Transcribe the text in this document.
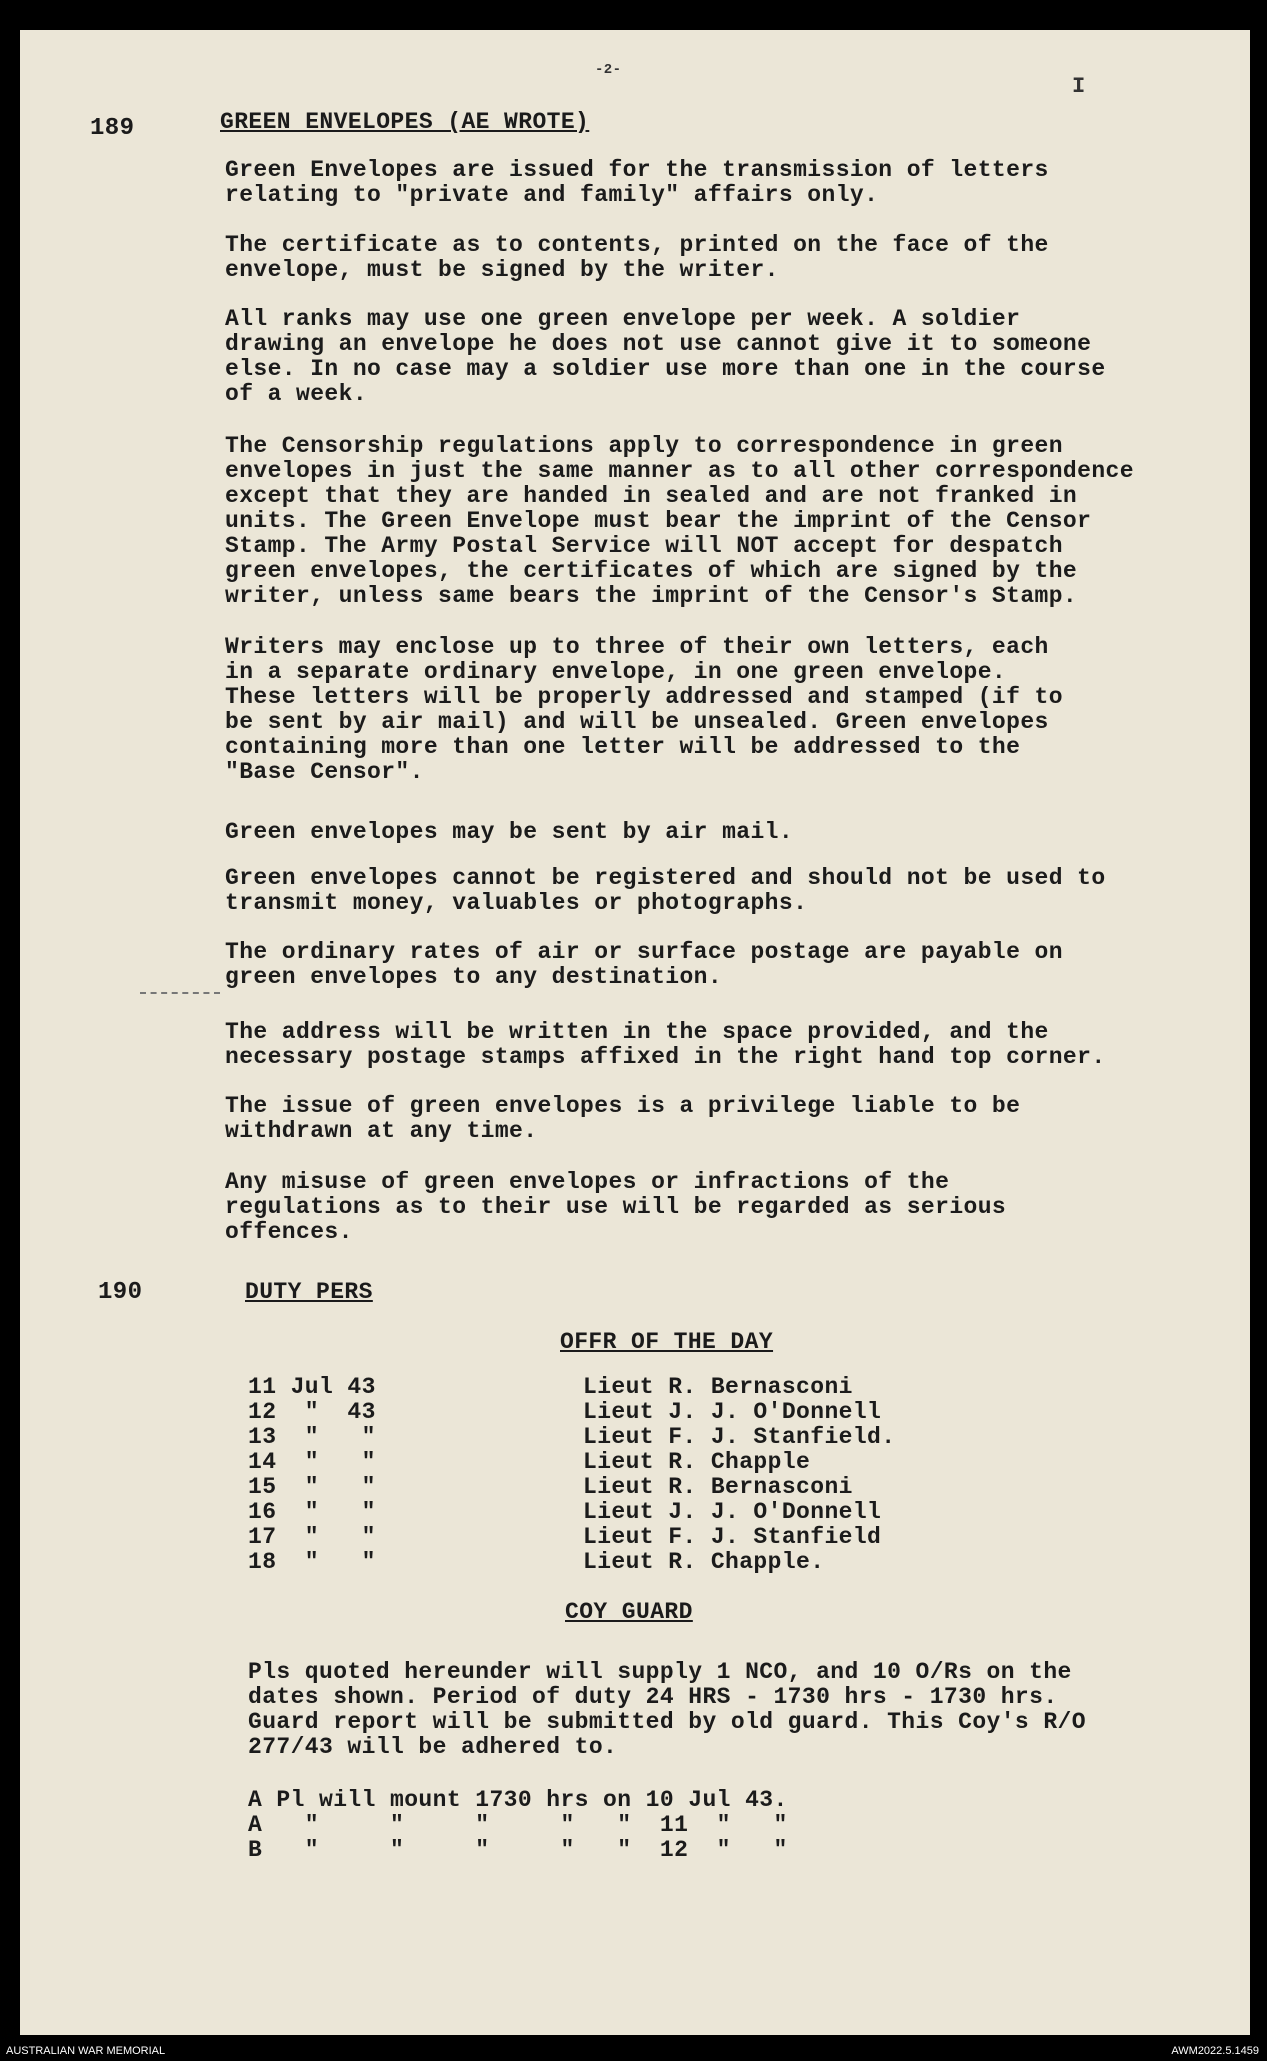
-2-
I
189	GREEN ENVELOPES (AE WROTE)

Green Envelopes are issued for the transmission of letters

relating to "private and family" affairs only.

The certificate as to contents, printed on the face of the

envelope, must be signed by the writer.

All ranks may use one green envelope per week. A soldier

drawing an envelope he does not use cannot give it to someone

else. In no case may a soldier use more than one in the course

of a week.

The Censorship regulations apply to correspondence in green

envelopes in just the same manner as to all other correspondence

except that they are handed in sealed and are not franked in

units. The Green Envelope must bear the imprint of the Censor

Stamp. The Army Postal Service will NOT accept for despatch

green envelopes, the certificates of which are signed by the

writer, unless same bears the imprint of the Censor's Stamp.

Writers may enclose up to three of their own letters, each

in a separate ordinary envelope, in one green envelope.

These letters will be properly addressed and stamped (if to

be sent by air mail) and will be unsealed. Green envelopes

containing more than one letter will be addressed to the

"Base Censor".

Green envelopes may be sent by air mail.

Green envelopes cannot be registered and should not be used to

transmit money, valuables or photographs.

The ordinary rates of air or surface postage are payable on

green envelopes to any destination.

The address will be written in the space provided, and the

necessary postage stamps affixed in the right hand top corner.

The issue of green envelopes is a privilege liable to be

withdrawn at any time.

Any misuse of green envelopes or infractions of the

regulations as to their use will be regarded as serious

offences.

190	DUTY PERS
OFFR OF THE DAY
11 Jul 43	Lieut R. Bernasconi
12  "  43	Lieut J. J. O'Donnell
13  "   "	Lieut F. J. Stanfield.
14  "   "	Lieut R. Chapple
15  "   "	Lieut R. Bernasconi
16  "   "	Lieut J. J. O'Donnell
17  "   "	Lieut F. J. Stanfield
18  "   "	Lieut R. Chapple.
COY GUARD

Pls quoted hereunder will supply 1 NCO, and 10 O/Rs on the

dates shown. Period of duty 24 HRS - 1730 hrs - 1730 hrs.

Guard report will be submitted by old guard. This Coy's R/O

277/43 will be adhered to.

A Pl will mount 1730 hrs on 10 Jul 43.

A   "     "     "     "   "  11  "   "

B   "     "     "     "   "  12  "   "

AUSTRALIAN WAR MEMORIAL	AWM2022.5.1459
